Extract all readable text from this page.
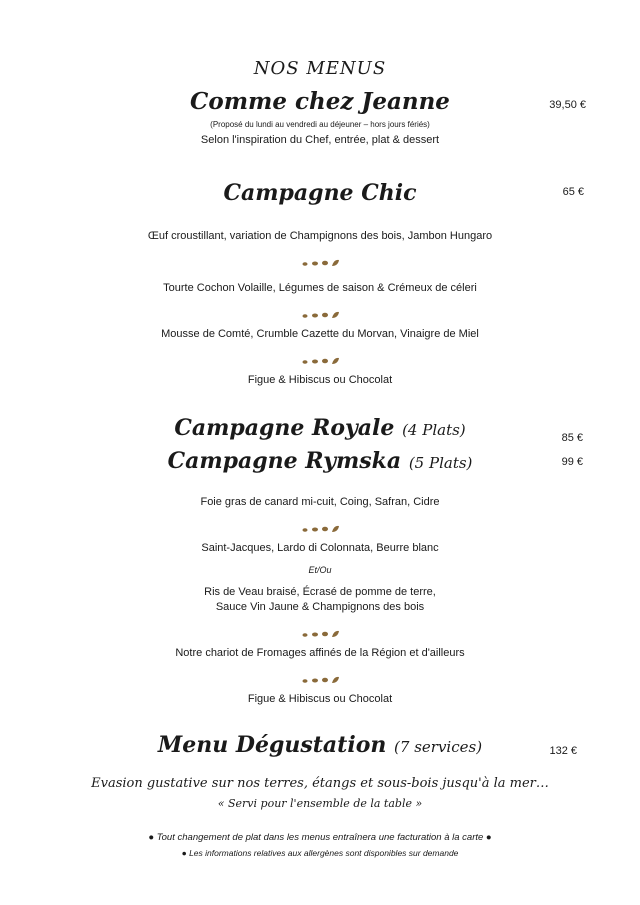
NOS MENUS
Comme chez Jeanne	39,50 €
(Proposé du lundi au vendredi au déjeuner – hors jours fériés)
Selon l'inspiration du Chef, entrée, plat & dessert
Campagne Chic	65 €
Œuf croustillant, variation de Champignons des bois, Jambon Hungaro
Tourte Cochon Volaille, Légumes de saison & Crémeux de céleri
Mousse de Comté, Crumble Cazette du Morvan, Vinaigre de Miel
Figue & Hibiscus ou Chocolat
Campagne Royale (4 Plats)	85 €
Campagne Rymska (5 Plats)	99 €
Foie gras de canard mi-cuit, Coing, Safran, Cidre
Saint-Jacques, Lardo di Colonnata, Beurre blanc
Et/Ou
Ris de Veau braisé, Écrasé de pomme de terre,
Sauce Vin Jaune & Champignons des bois
Notre chariot de Fromages affinés de la Région et d'ailleurs
Figue & Hibiscus ou Chocolat
Menu Dégustation (7 services)	132 €
Evasion gustative sur nos terres, étangs et sous-bois jusqu'à la mer…
« Servi pour l'ensemble de la table »
● Tout changement de plat dans les menus entraînera une facturation à la carte ●
● Les informations relatives aux allergènes sont disponibles sur demande
